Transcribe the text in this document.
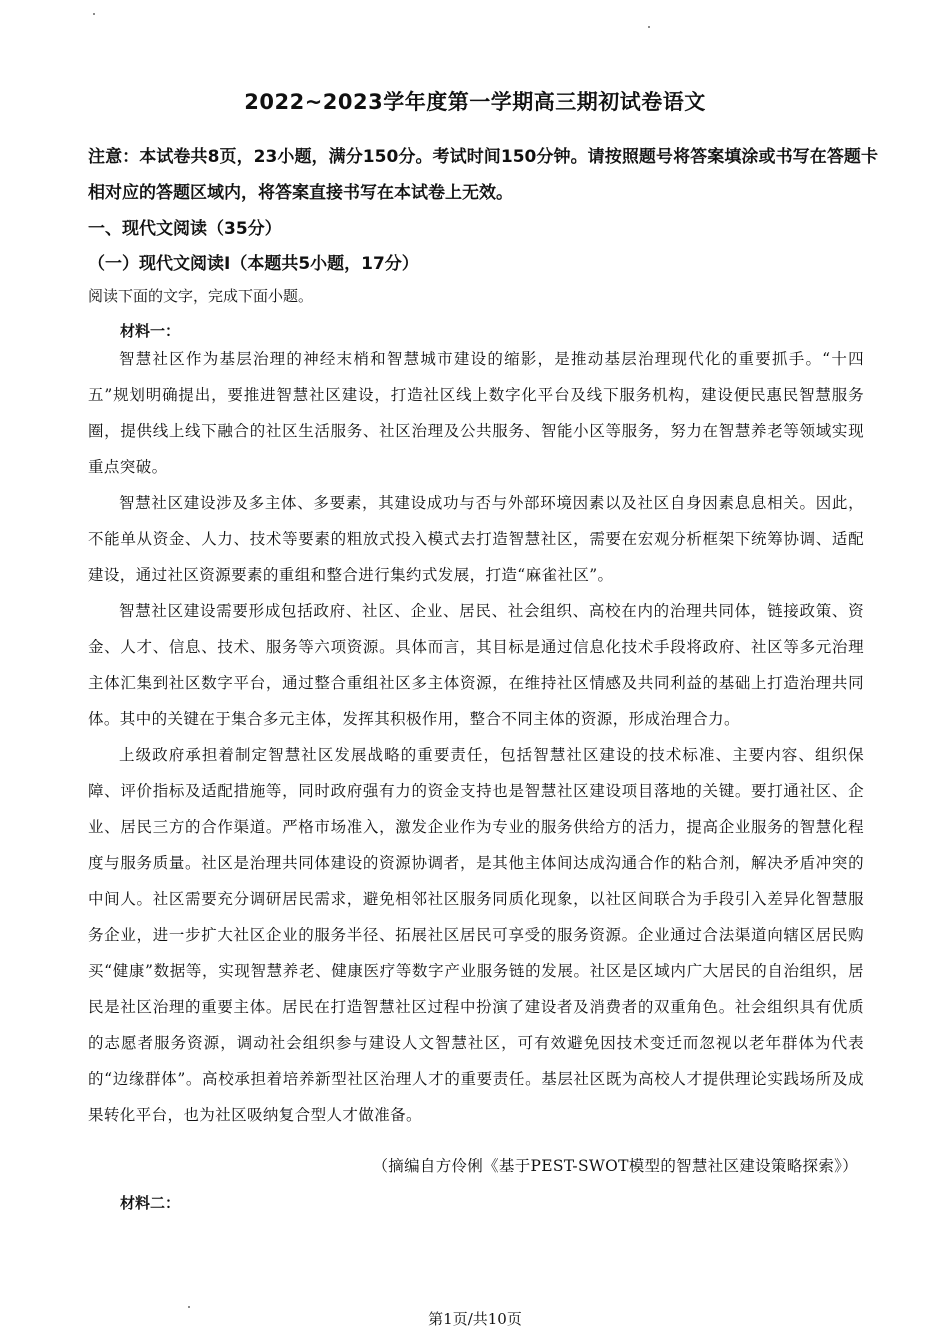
2022~2023学年度第一学期高三期初试卷语文
注意：本试卷共8页，23小题，满分150分。考试时间150分钟。请按照题号将答案填涂或书写在答题卡相对应的答题区域内，将答案直接书写在本试卷上无效。
一、现代文阅读（35分）
（一）现代文阅读Ⅰ（本题共5小题，17分）
阅读下面的文字，完成下面小题。
材料一：

智慧社区作为基层治理的神经末梢和智慧城市建设的缩影，是推动基层治理现代化的重要抓手。“十四五”规划明确提出，要推进智慧社区建设，打造社区线上数字化平台及线下服务机构，建设便民惠民智慧服务圈，提供线上线下融合的社区生活服务、社区治理及公共服务、智能小区等服务，努力在智慧养老等领域实现重点突破。

智慧社区建设涉及多主体、多要素，其建设成功与否与外部环境因素以及社区自身因素息息相关。因此，不能单从资金、人力、技术等要素的粗放式投入模式去打造智慧社区，需要在宏观分析框架下统筹协调、适配建设，通过社区资源要素的重组和整合进行集约式发展，打造“麻雀社区”。

智慧社区建设需要形成包括政府、社区、企业、居民、社会组织、高校在内的治理共同体，链接政策、资金、人才、信息、技术、服务等六项资源。具体而言，其目标是通过信息化技术手段将政府、社区等多元治理主体汇集到社区数字平台，通过整合重组社区多主体资源，在维持社区情感及共同利益的基础上打造治理共同体。其中的关键在于集合多元主体，发挥其积极作用，整合不同主体的资源，形成治理合力。

上级政府承担着制定智慧社区发展战略的重要责任，包括智慧社区建设的技术标准、主要内容、组织保障、评价指标及适配措施等，同时政府强有力的资金支持也是智慧社区建设项目落地的关键。要打通社区、企业、居民三方的合作渠道。严格市场准入，激发企业作为专业的服务供给方的活力，提高企业服务的智慧化程度与服务质量。社区是治理共同体建设的资源协调者，是其他主体间达成沟通合作的粘合剂，解决矛盾冲突的中间人。社区需要充分调研居民需求，避免相邻社区服务同质化现象，以社区间联合为手段引入差异化智慧服务企业，进一步扩大社区企业的服务半径、拓展社区居民可享受的服务资源。企业通过合法渠道向辖区居民购买“健康”数据等，实现智慧养老、健康医疗等数字产业服务链的发展。社区是区域内广大居民的自治组织，居民是社区治理的重要主体。居民在打造智慧社区过程中扮演了建设者及消费者的双重角色。社会组织具有优质的志愿者服务资源，调动社会组织参与建设人文智慧社区，可有效避免因技术变迁而忽视以老年群体为代表的“边缘群体”。高校承担着培养新型社区治理人才的重要责任。基层社区既为高校人才提供理论实践场所及成果转化平台，也为社区吸纳复合型人才做准备。

（摘编自方伶俐《基于PEST-SWOT模型的智慧社区建设策略探索》）
材料二：
第1页/共10页
